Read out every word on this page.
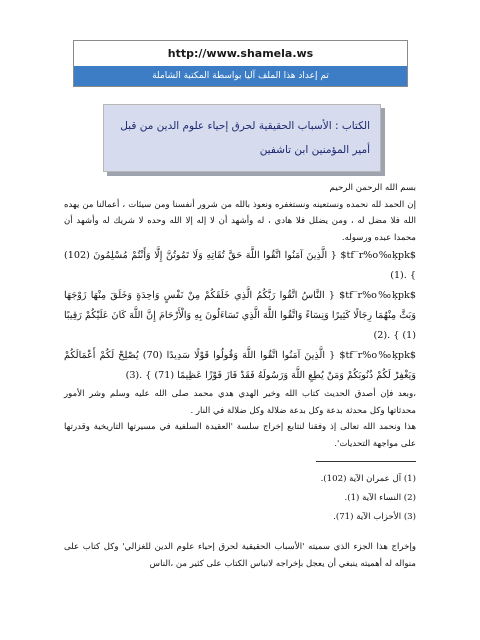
http://www.shamela.ws
تم إعداد هذا الملف آليا بواسطة المكتبة الشاملة
الكتاب : الأسباب الحقيقية لحرق إحياء علوم الدين من قبل أمير المؤمنين ابن تاشفين

بسم الله الرحمن الرحيم

إن الحمد لله نحمده ونستعينه ونستغفره ونعوذ بالله من شرور أنفسنا ومن سيئات ، أعمالنا من يهده الله فلا مضل له ، ومن يضلل فلا هادي ، له وأشهد أن لا إله إلا الله وحده لا شريك له وأشهد أن محمدا عبده ورسوله.

$tf‾r%o‰ķpk$ { الَّذِينَ آمَنُوا اتَّقُوا اللَّهَ حَقَّ تُقَاتِهِ وَلَا تَمُوتُنَّ إِلَّا وَأَنْتُمْ مُسْلِمُونَ (102) } .(1)

$tf‾r%o‰ķpk$ { النَّاسُ اتَّقُوا رَبَّكُمُ الَّذِي خَلَقَكُمْ مِنْ نَفْسٍ وَاحِدَةٍ وَخَلَقَ مِنْهَا زَوْجَهَا وَبَثَّ مِنْهُمَا رِجَالًا كَثِيرًا وَنِسَاءً وَاتَّقُوا اللَّهَ الَّذِي تَسَاءَلُونَ بِهِ وَالْأَرْحَامَ إِنَّ اللَّهَ كَانَ عَلَيْكُمْ رَقِيبًا (1) } .(2)

$tf‾r%o‰ķpk$ { الَّذِينَ آمَنُوا اتَّقُوا اللَّهَ وَقُولُوا قَوْلًا سَدِيدًا (70) يُصْلِحْ لَكُمْ أَعْمَالَكُمْ وَيَغْفِرْ لَكُمْ ذُنُوبَكُمْ وَمَنْ يُطِعِ اللَّهَ وَرَسُولَهُ فَقَدْ فَازَ فَوْزًا عَظِيمًا (71) } .(3)

،وبعد فإن أصدق الحديث كتاب الله وخير الهدي هدي محمد صلى الله عليه وسلم وشر الأمور محدثاتها وكل محدثة بدعة وكل بدعة ضلالة وكل ضلالة في النار .

هذا ونحمد الله تعالى إذ وفقنا لنتابع إخراج سلسة 'العقيدة السلفية في مسيرتها التاريخية وقدرتها على مواجهة التحديات'.

(1) آل عمران الآية (102).

(2) النساء الآية (1).

(3) الأحزاب الآية (71).

وإخراج هذا الجزء الذي سميته 'الأسباب الحقيقية لحرق إحياء علوم الدين للغزالي' وكل كتاب على منواله له أهميته ينبغي أن يعجل بإخراجه لانباس الكتاب على كثير من ،الناس
